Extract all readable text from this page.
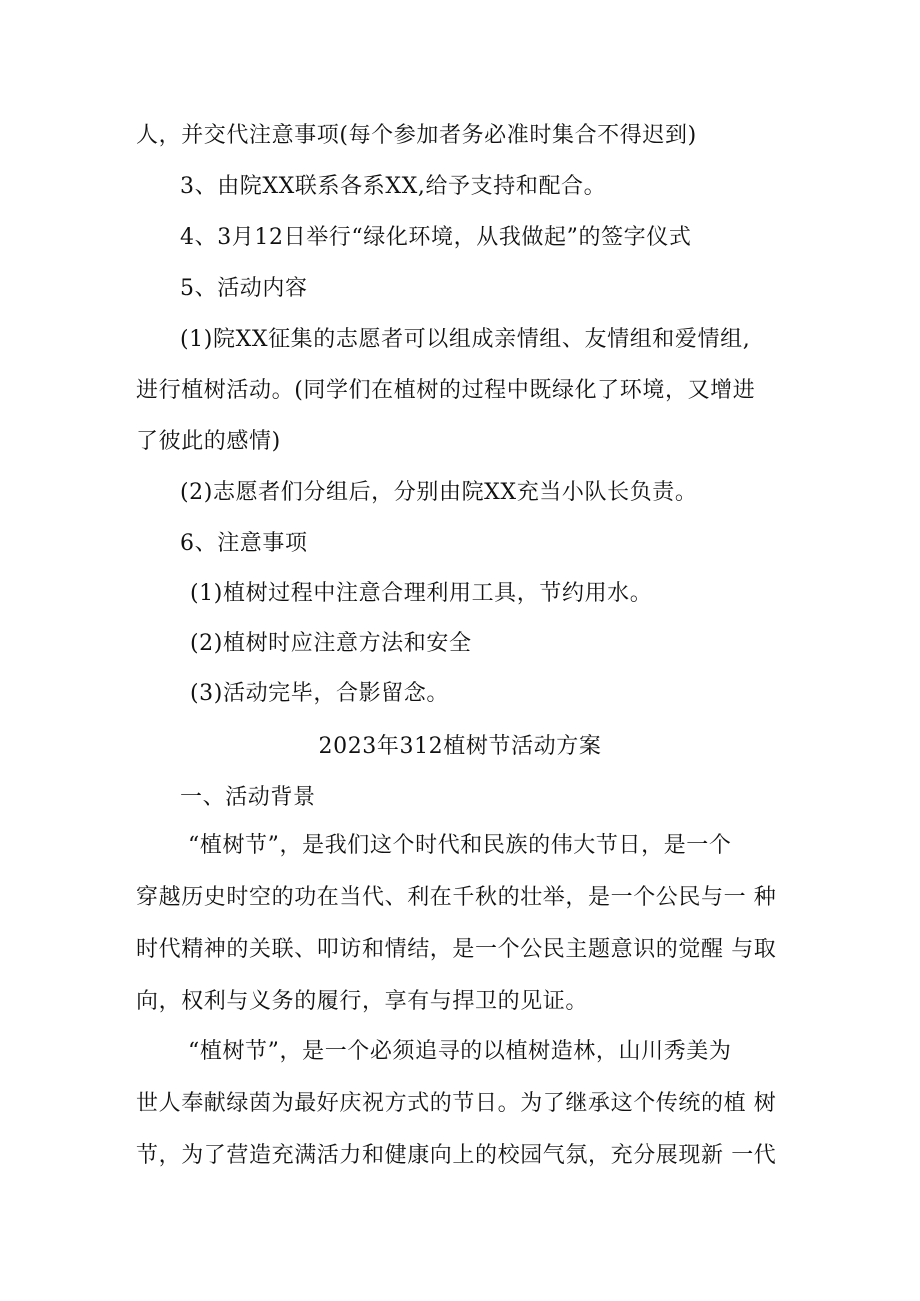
人，并交代注意事项(每个参加者务必准时集合不得迟到)
3、由院XX联系各系XX,给予支持和配合。
4、3月12日举行“绿化环境，从我做起”的签字仪式
5、活动内容
(1)院XX征集的志愿者可以组成亲情组、友情组和爱情组,
进行植树活动。(同学们在植树的过程中既绿化了环境，又增进
了彼此的感情)
(2)志愿者们分组后，分别由院XX充当小队长负责。
6、注意事项
(1)植树过程中注意合理利用工具，节约用水。
(2)植树时应注意方法和安全
(3)活动完毕，合影留念。
2023年312植树节活动方案
一、活动背景
“植树节”，是我们这个时代和民族的伟大节日，是一个
穿越历史时空的功在当代、利在千秋的壮举，是一个公民与一 种
时代精神的关联、叩访和情结，是一个公民主题意识的觉醒 与取
向，权利与义务的履行，享有与捍卫的见证。
“植树节”，是一个必须追寻的以植树造林，山川秀美为
世人奉献绿茵为最好庆祝方式的节日。为了继承这个传统的植 树
节，为了营造充满活力和健康向上的校园气氛，充分展现新 一代
